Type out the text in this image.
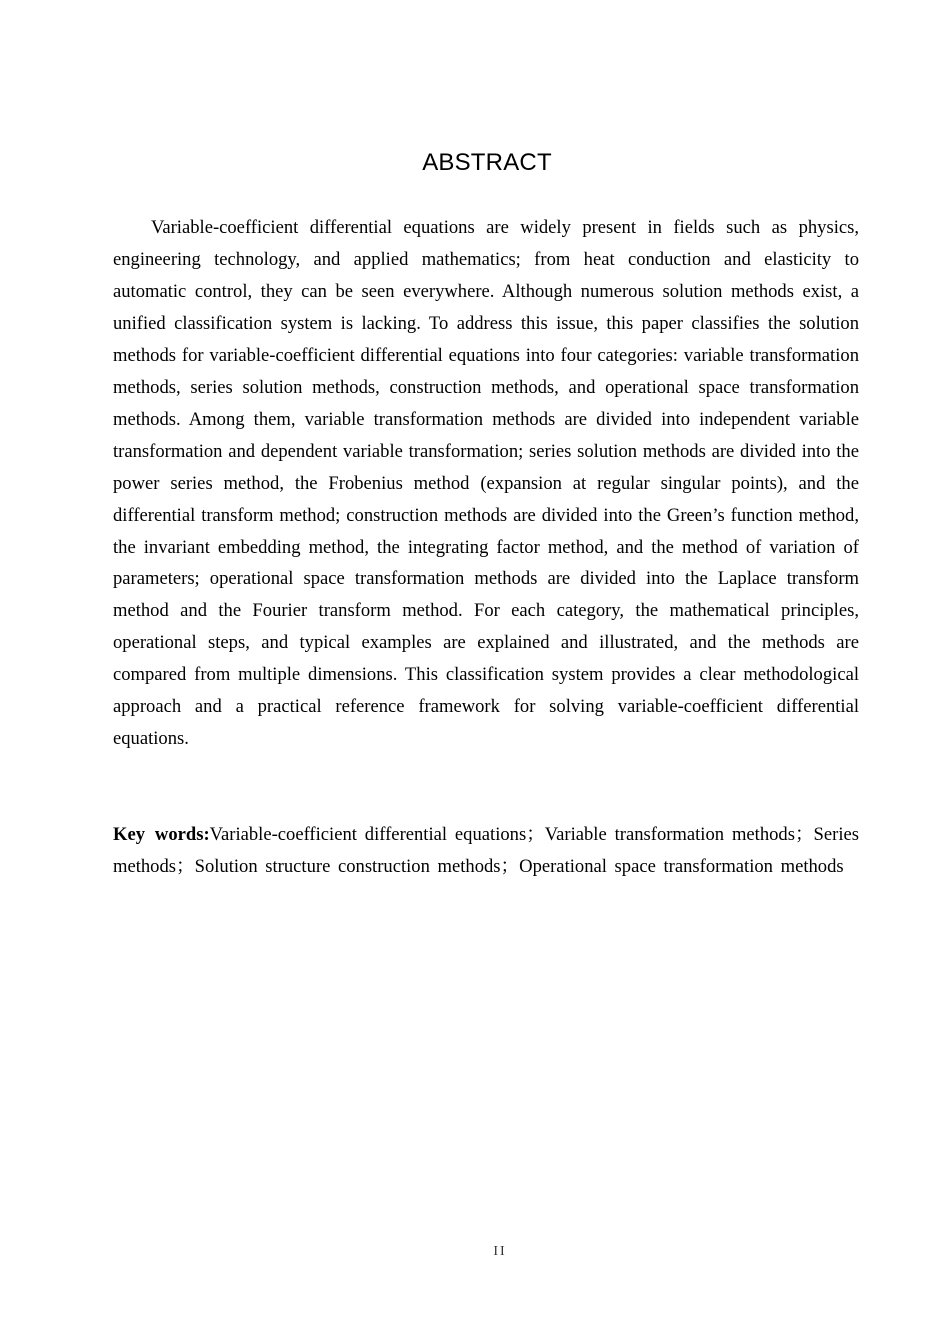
ABSTRACT

Variable-coefficient differential equations are widely present in fields such as physics, engineering technology, and applied mathematics; from heat conduction and elasticity to automatic control, they can be seen everywhere. Although numerous solution methods exist, a unified classification system is lacking. To address this issue, this paper classifies the solution methods for variable-coefficient differential equations into four categories: variable transformation methods, series solution methods, construction methods, and operational space transformation methods. Among them, variable transformation methods are divided into independent variable transformation and dependent variable transformation; series solution methods are divided into the power series method, the Frobenius method (expansion at regular singular points), and the differential transform method; construction methods are divided into the Green’s function method, the invariant embedding method, the integrating factor method, and the method of variation of parameters; operational space transformation methods are divided into the Laplace transform method and the Fourier transform method. For each category, the mathematical principles, operational steps, and typical examples are explained and illustrated, and the methods are compared from multiple dimensions. This classification system provides a clear methodological approach and a practical reference framework for solving variable-coefficient differential equations.

Key words:Variable-coefficient differential equations；Variable transformation methods；Series methods；Solution structure construction methods；Operational space transformation methods

II
